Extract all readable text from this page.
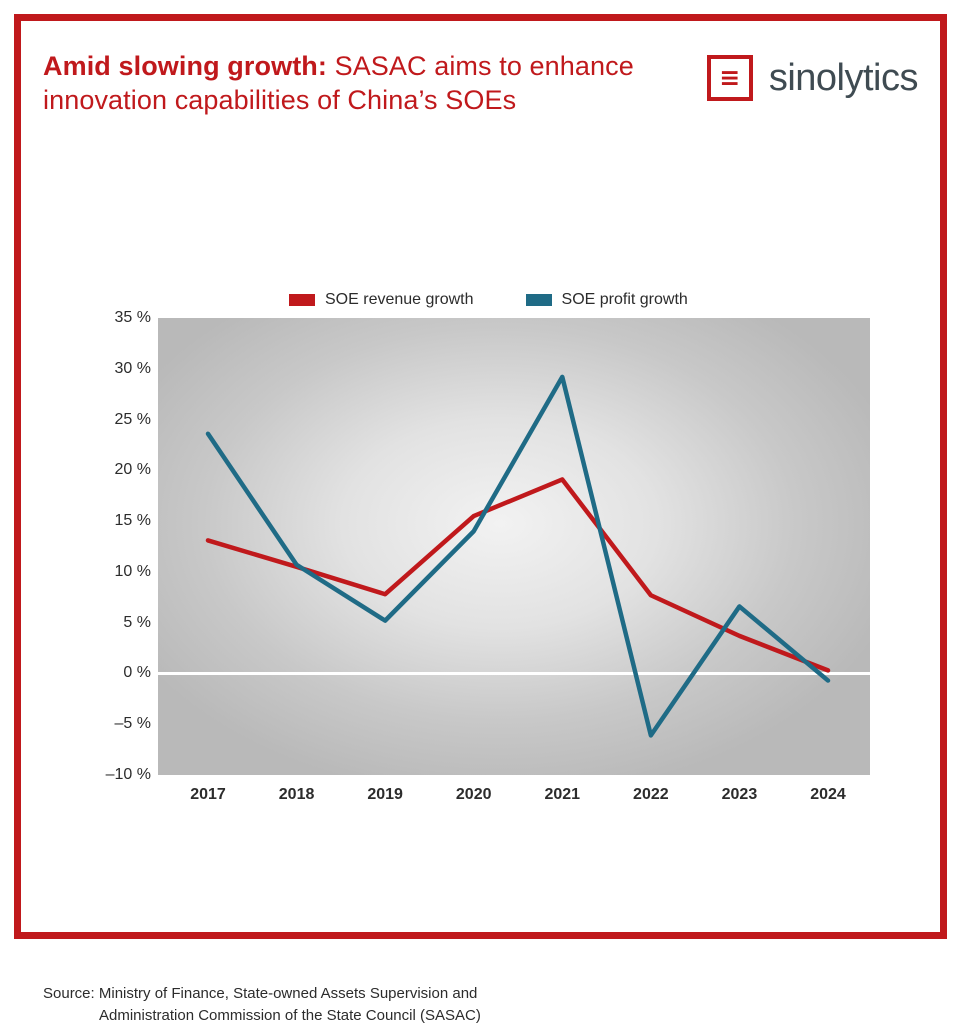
Amid slowing growth: SASAC aims to enhance innovation capabilities of China’s SOEs
≡ sinolytics
SOE revenue growth	SOE profit growth
–10 %
–5 %
0 %
5 %
10 %
15 %
20 %
25 %
30 %
35 %
2017	2018	2019	2020	2021	2022	2023	2024
Source: Ministry of Finance, State-owned Assets Supervision and
Administration Commission of the State Council (SASAC)
